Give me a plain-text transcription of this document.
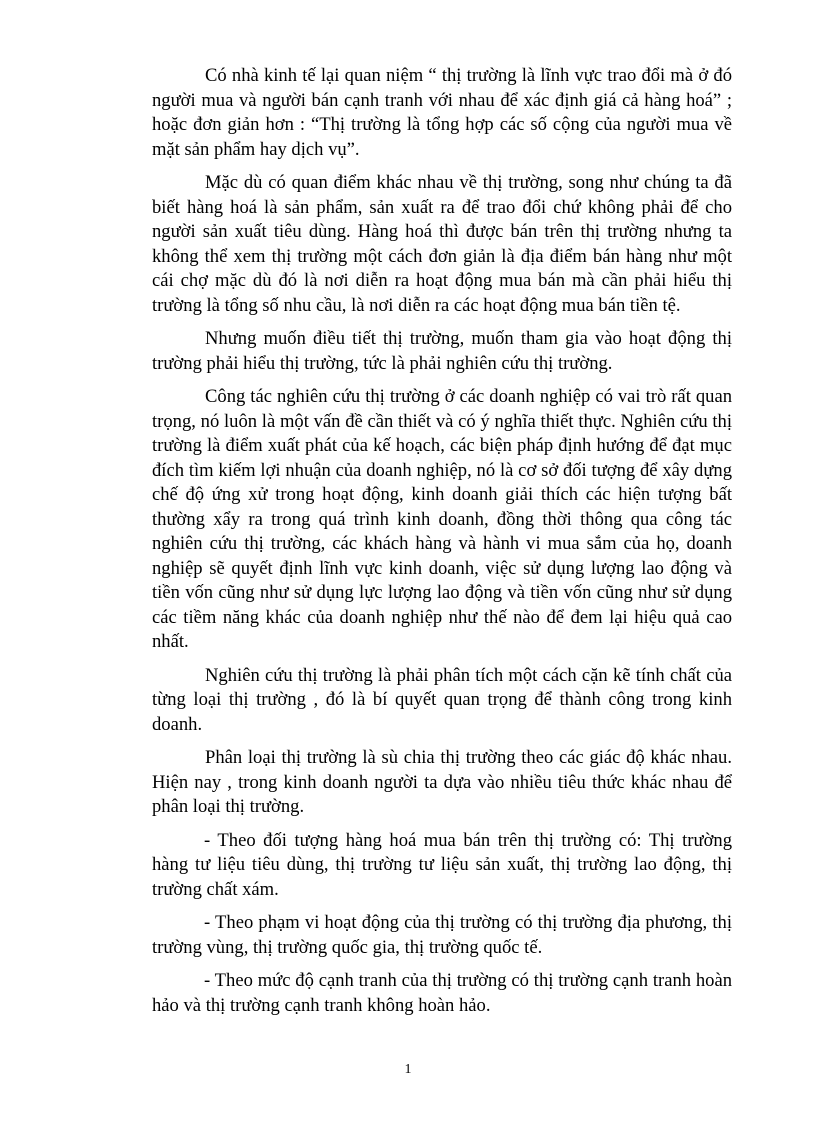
Có nhà kinh tế lại quan niệm “ thị trường là lĩnh vực trao đổi mà ở đó người mua và người bán cạnh tranh với nhau để xác định giá cả hàng hoá” ; hoặc đơn giản hơn : “Thị trường là tổng hợp các số cộng của người mua về mặt sản phẩm hay dịch vụ”.

Mặc dù có quan điểm khác nhau về thị trường, song như chúng ta đã biết hàng hoá là sản phẩm, sản xuất ra để trao đổi chứ không phải để cho người sản xuất tiêu dùng. Hàng hoá thì được bán trên thị trường nhưng ta không thể xem thị trường một cách đơn giản là địa điểm bán hàng như một cái chợ mặc dù đó là nơi diễn ra hoạt động mua bán mà cần phải hiểu thị trường là tổng số nhu cầu, là nơi diễn ra các hoạt động mua bán tiền tệ.

Nhưng muốn điều tiết thị trường, muốn tham gia vào hoạt động thị trường phải hiểu thị trường, tức là phải nghiên cứu thị trường.

Công tác nghiên cứu thị trường ở các doanh nghiệp có vai trò rất quan trọng, nó luôn là một vấn đề cần thiết và có ý nghĩa thiết thực. Nghiên cứu thị trường là điểm xuất phát của kế hoạch, các biện pháp định hướng để đạt mục đích tìm kiếm lợi nhuận của doanh nghiệp, nó là cơ sở đối tượng để xây dựng chế độ ứng xử trong hoạt động, kinh doanh giải thích các hiện tượng bất thường xẩy ra trong quá trình kinh doanh, đồng thời thông qua công tác nghiên cứu thị trường, các khách hàng và hành vi mua sắm của họ, doanh nghiệp sẽ quyết định lĩnh vực kinh doanh, việc sử dụng lượng lao động và tiền vốn cũng như sử dụng lực lượng lao động và tiền vốn cũng như sử dụng các tiềm năng khác của doanh nghiệp như thế nào để đem lại hiệu quả cao nhất.

Nghiên cứu thị trường là phải phân tích một cách cặn kẽ tính chất của từng loại thị trường , đó là bí quyết quan trọng để thành công trong kinh doanh.

Phân loại thị trường là sù chia thị trường theo các giác độ khác nhau. Hiện nay , trong kinh doanh người ta dựa vào nhiều tiêu thức khác nhau để phân loại thị trường.

- Theo đối tượng hàng hoá mua bán trên thị trường có: Thị trường hàng tư liệu tiêu dùng, thị trường tư liệu sản xuất, thị trường lao động, thị trường chất xám.

- Theo phạm vi hoạt động của thị trường có thị trường địa phương, thị trường vùng, thị trường quốc gia, thị trường quốc tế.

- Theo mức độ cạnh tranh của thị trường có thị trường cạnh tranh hoàn hảo và thị trường cạnh tranh không hoàn hảo.

1
